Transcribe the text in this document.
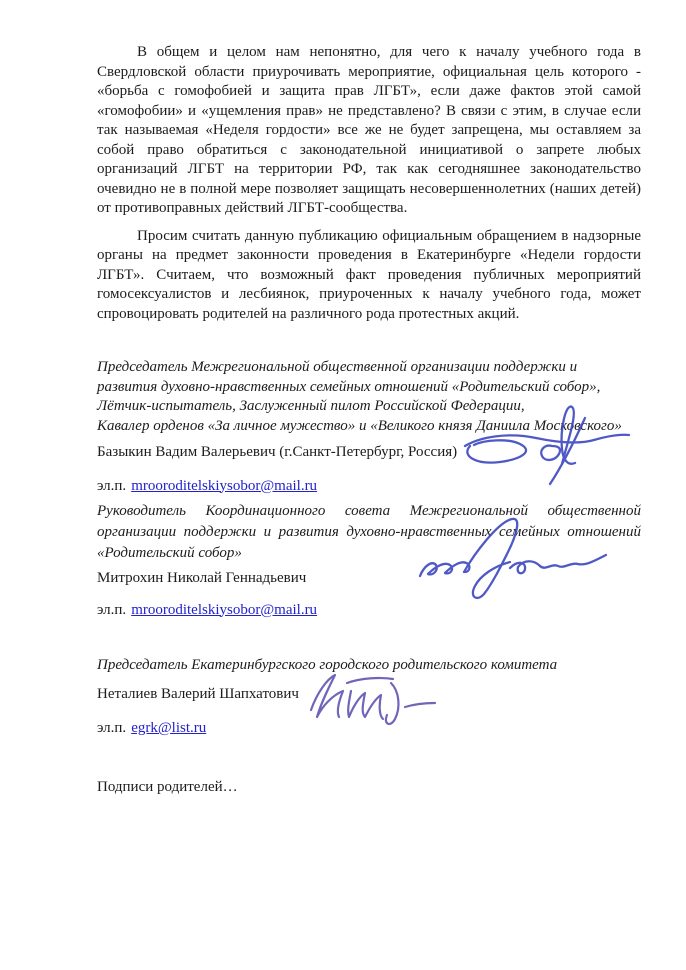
В общем и целом нам непонятно, для чего к началу учебного года в Свердловской области приурочивать мероприятие, официальная цель которого - «борьба с гомофобией и защита прав ЛГБТ», если даже фактов этой самой «гомофобии» и «ущемления прав» не представлено? В связи с этим, в случае если так называемая «Неделя гордости» все же не будет запрещена, мы оставляем за собой право обратиться с законодательной инициативой о запрете любых организаций ЛГБТ на территории РФ, так как сегодняшнее законодательство очевидно не в полной мере позволяет защищать несовершеннолетних (наших детей) от противоправных действий ЛГБТ-сообщества.

Просим считать данную публикацию официальным обращением в надзорные органы на предмет законности проведения в Екатеринбурге «Недели гордости ЛГБТ». Считаем, что возможный факт проведения публичных мероприятий гомосексуалистов и лесбиянок, приуроченных к началу учебного года, может спровоцировать родителей на различного рода протестных акций.

Председатель Межрегиональной общественной организации поддержки и развития духовно-нравственных семейных отношений «Родительский собор»,

Лётчик-испытатель, Заслуженный пилот Российской Федерации,

Кавалер орденов «За личное мужество» и «Великого князя Даниила Московского»

Базыкин Вадим Валерьевич (г.Санкт-Петербург, Россия)

эл.п. mrooroditelskiysobor@mail.ru

Руководитель Координационного совета Межрегиональной общественной организации поддержки и развития духовно-нравственных семейных отношений «Родительский собор»

Митрохин Николай Геннадьевич

эл.п. mrooroditelskiysobor@mail.ru

Председатель Екатеринбургского городского родительского комитета

Неталиев Валерий Шапхатович

эл.п. egrk@list.ru

Подписи родителей…
